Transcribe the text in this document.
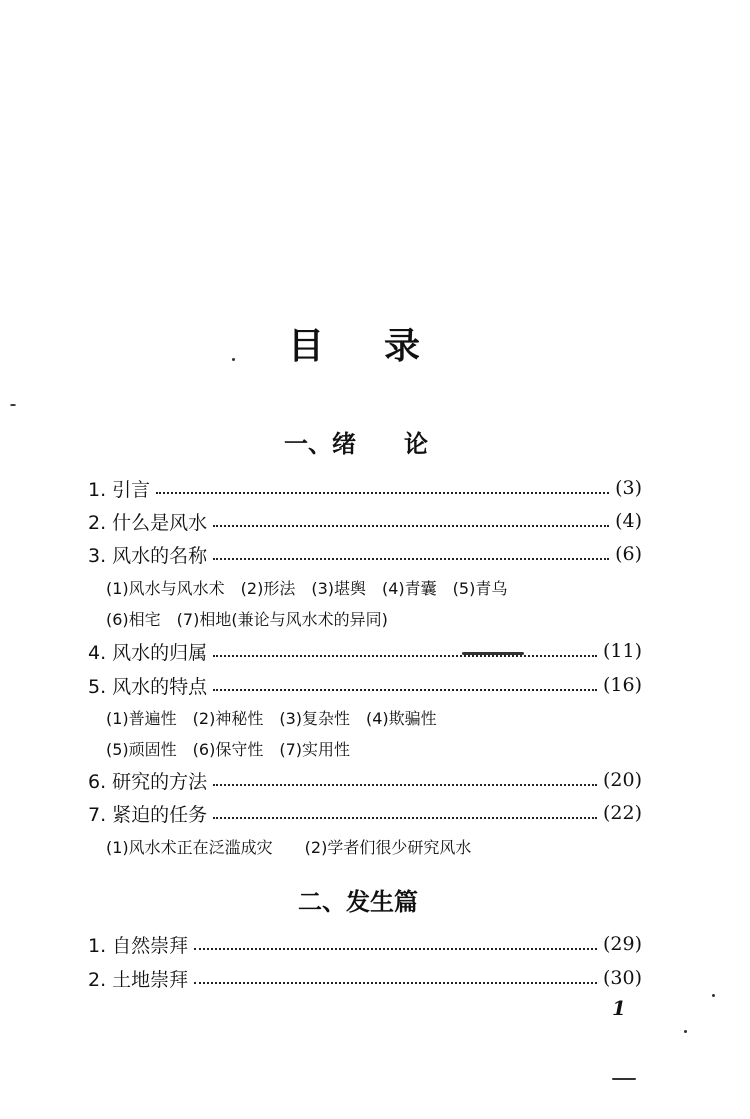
目 录
一、绪　　论
1. 引言	(3)
2. 什么是风水	(4)
3. 风水的名称	(6)
(1)风水与风水术　(2)形法　(3)堪舆　(4)青囊　(5)青乌
(6)相宅　(7)相地(兼论与风水术的异同)
4. 风水的归属	(11)
5. 风水的特点	(16)
(1)普遍性　(2)神秘性　(3)复杂性　(4)欺骗性
(5)顽固性　(6)保守性　(7)实用性
6. 研究的方法	(20)
7. 紧迫的任务	(22)
(1)风水术正在泛滥成灾　　(2)学者们很少研究风水
二、发生篇
1. 自然崇拜	(29)
2. 土地崇拜	(30)
1
